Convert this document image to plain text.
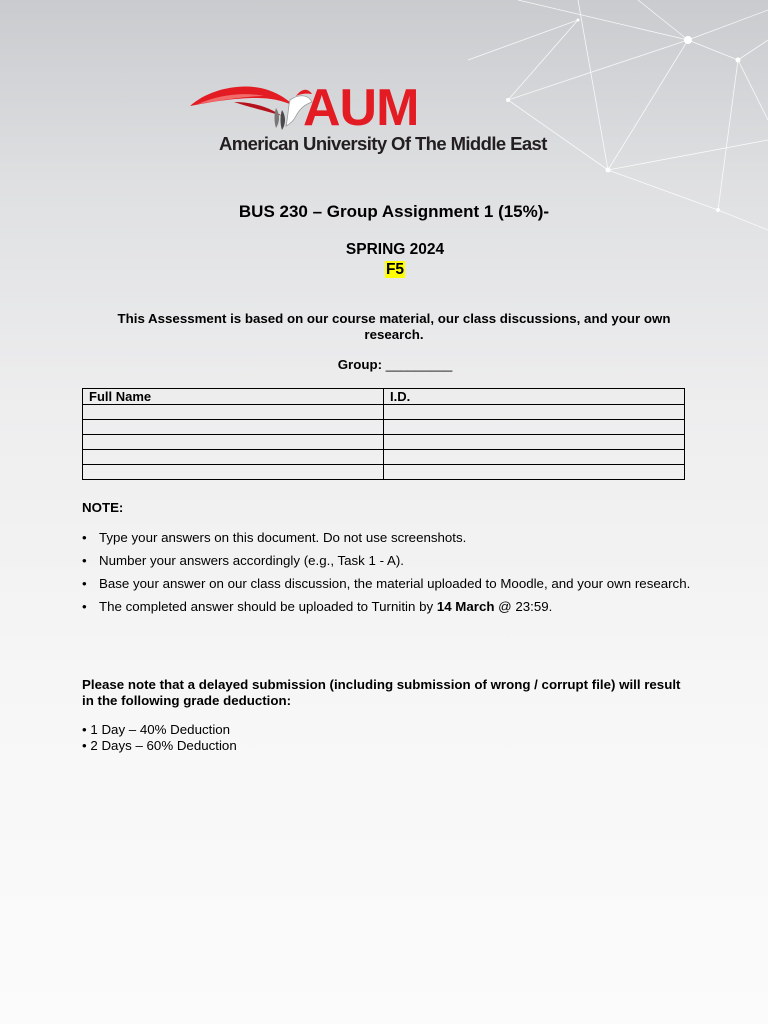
AUM
American University Of The Middle East
BUS 230 – Group Assignment 1 (15%)-
SPRING 2024
F5
This Assessment is based on our course material, our class discussions, and your own research.
Group: _________
Full Name	I.D.

NOTE:
• Type your answers on this document. Do not use screenshots.
• Number your answers accordingly (e.g., Task 1 - A).
• Base your answer on our class discussion, the material uploaded to Moodle, and your own research.
• The completed answer should be uploaded to Turnitin by 14 March @ 23:59.
Please note that a delayed submission (including submission of wrong / corrupt file) will result in the following grade deduction:
• 1 Day – 40% Deduction
• 2 Days – 60% Deduction
